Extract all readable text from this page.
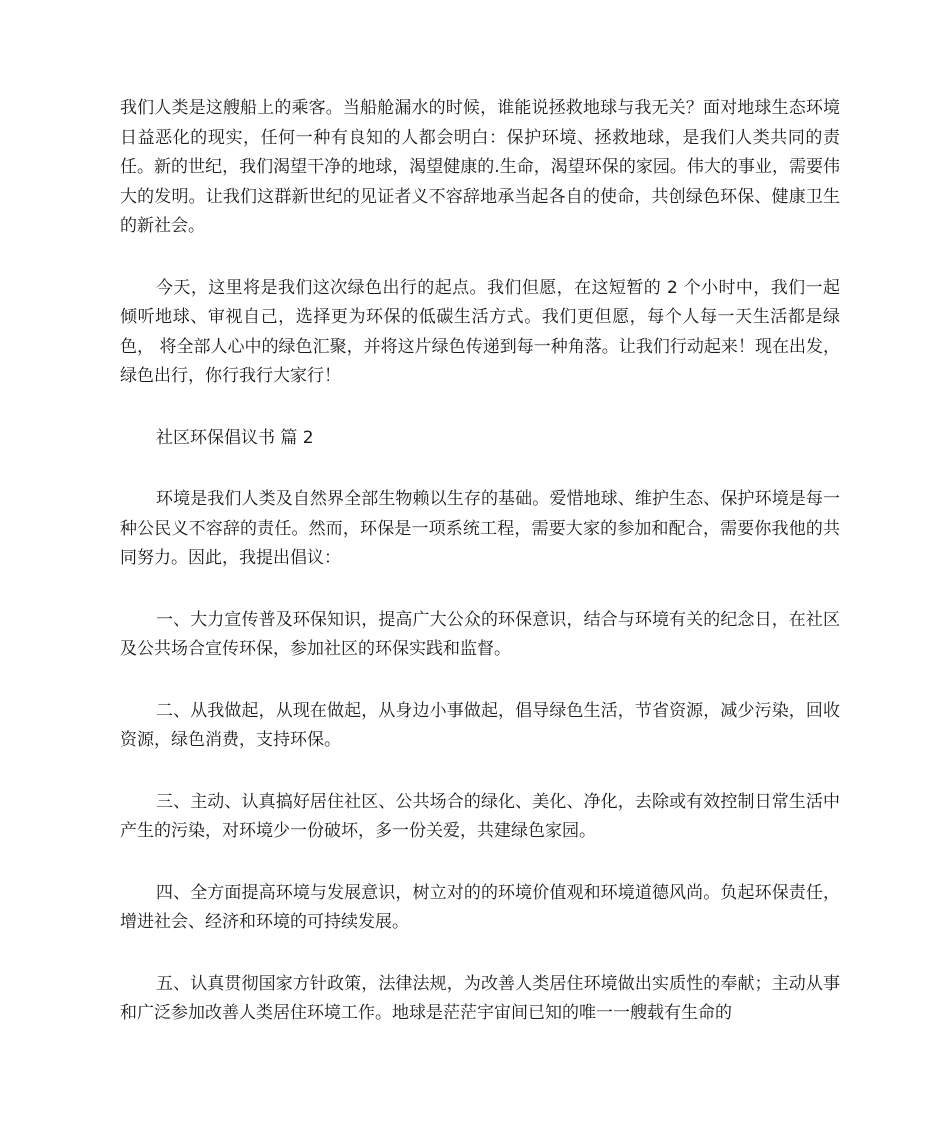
我们人类是这艘船上的乘客。当船舱漏水的时候，谁能说拯救地球与我无关？面对地球生态环境日益恶化的现实，任何一种有良知的人都会明白：保护环境、拯救地球，是我们人类共同的责任。新的世纪，我们渴望干净的地球，渴望健康的.生命，渴望环保的家园。伟大的事业，需要伟大的发明。让我们这群新世纪的见证者义不容辞地承当起各自的使命，共创绿色环保、健康卫生的新社会。

今天，这里将是我们这次绿色出行的起点。我们但愿，在这短暂的 2 个小时中，我们一起倾听地球、审视自己，选择更为环保的低碳生活方式。我们更但愿，每个人每一天生活都是绿色， 将全部人心中的绿色汇聚，并将这片绿色传递到每一种角落。让我们行动起来！现在出发，绿色出行，你行我行大家行！

社区环保倡议书 篇 2

环境是我们人类及自然界全部生物赖以生存的基础。爱惜地球、维护生态、保护环境是每一种公民义不容辞的责任。然而，环保是一项系统工程，需要大家的参加和配合，需要你我他的共同努力。因此，我提出倡议：

一、大力宣传普及环保知识，提高广大公众的环保意识，结合与环境有关的纪念日，在社区及公共场合宣传环保，参加社区的环保实践和监督。

二、从我做起，从现在做起，从身边小事做起，倡导绿色生活，节省资源，减少污染，回收资源，绿色消费，支持环保。

三、主动、认真搞好居住社区、公共场合的绿化、美化、净化，去除或有效控制日常生活中产生的污染，对环境少一份破坏，多一份关爱，共建绿色家园。

四、全方面提高环境与发展意识，树立对的的环境价值观和环境道德风尚。负起环保责任，增进社会、经济和环境的可持续发展。

五、认真贯彻国家方针政策，法律法规，为改善人类居住环境做出实质性的奉献；主动从事和广泛参加改善人类居住环境工作。地球是茫茫宇宙间已知的唯一一艘载有生命的
